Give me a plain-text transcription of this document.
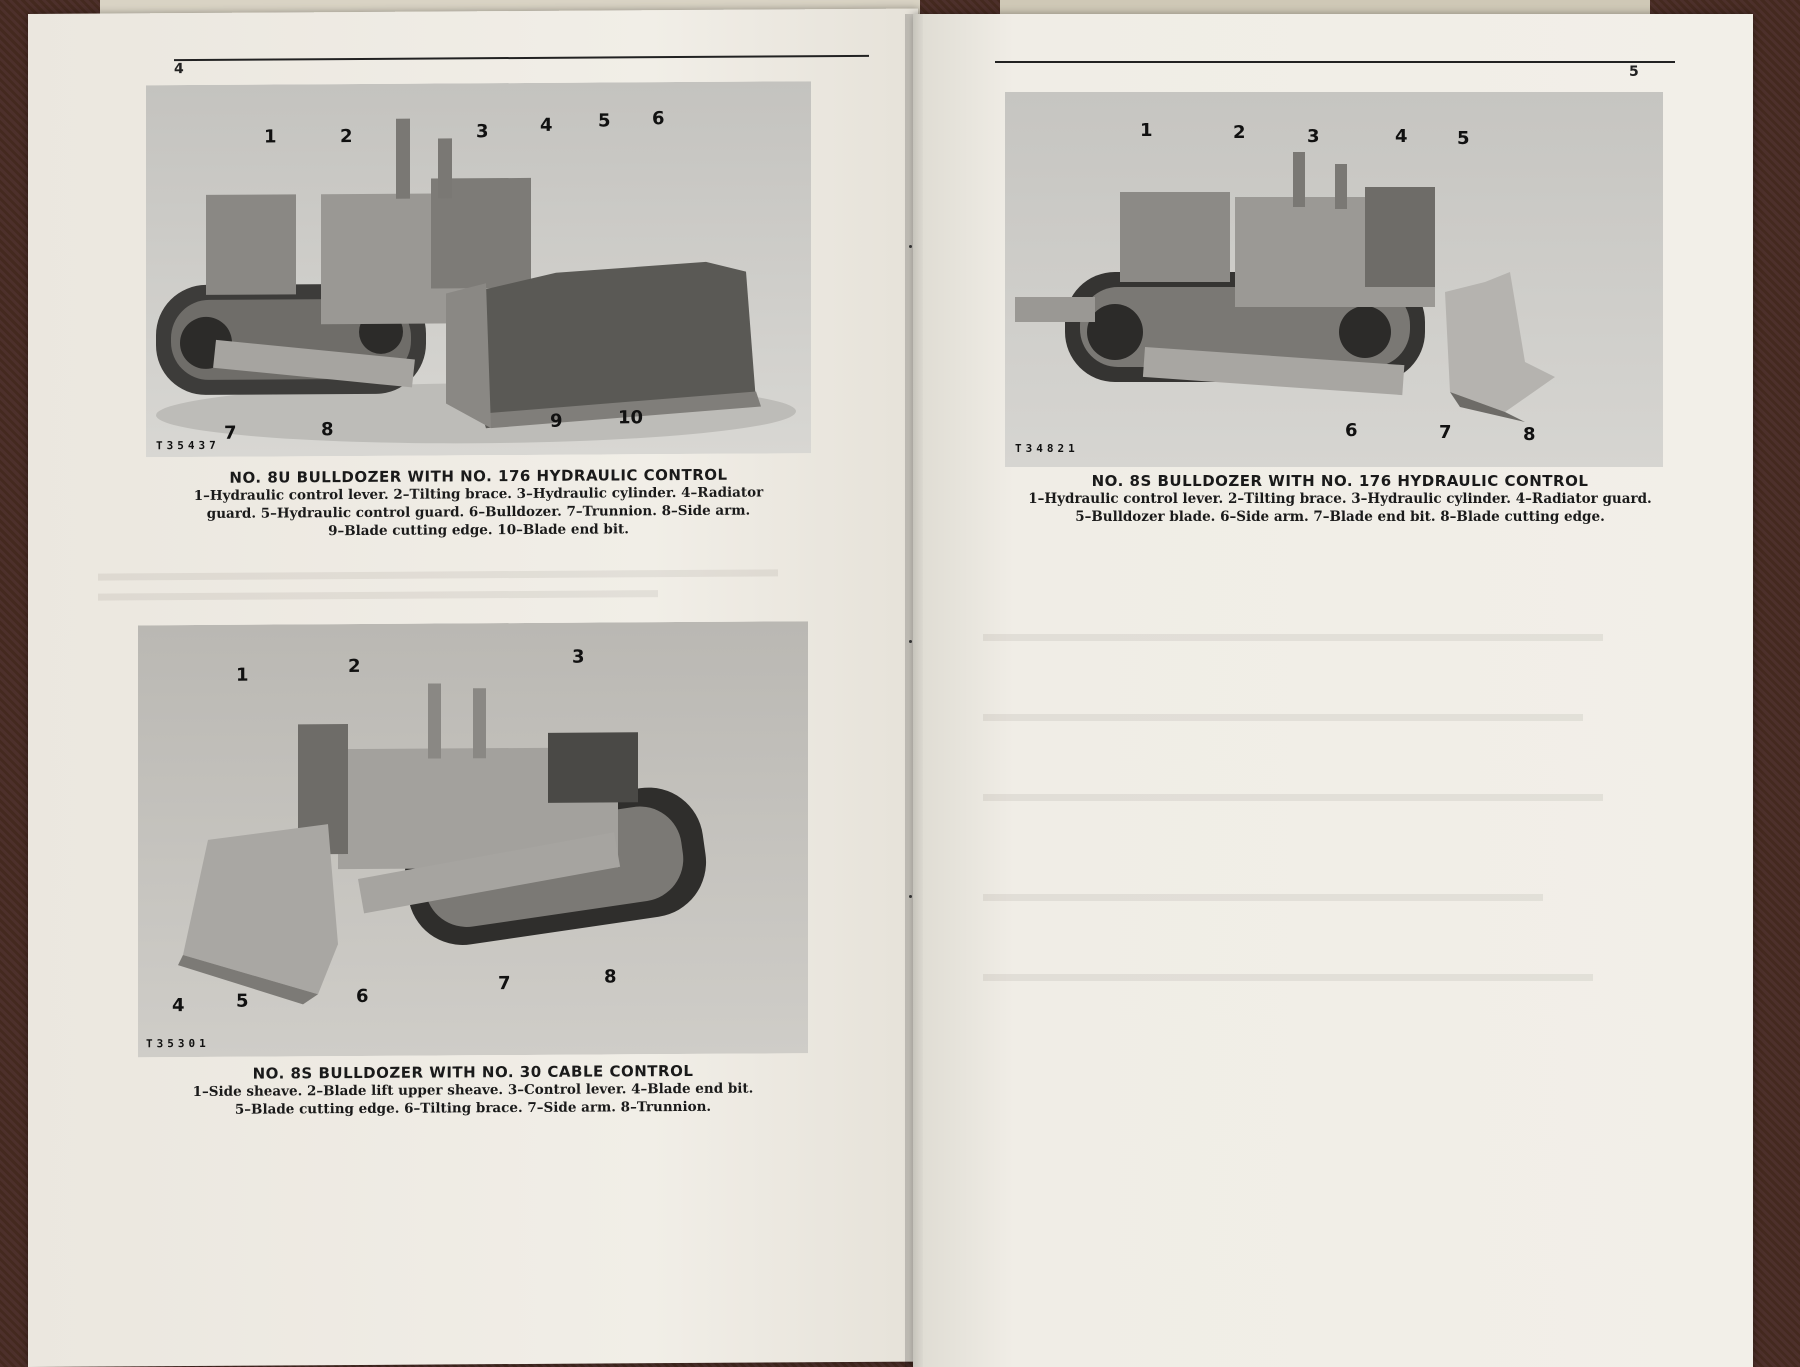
4
T35437
1	2	3	4	5 6
7	8	9	10
NO. 8U BULLDOZER WITH NO. 176 HYDRAULIC CONTROL
1–Hydraulic control lever. 2–Tilting brace. 3–Hydraulic cylinder. 4–Radiator
guard. 5–Hydraulic control guard. 6–Bulldozer. 7–Trunnion. 8–Side arm.
9–Blade cutting edge. 10–Blade end bit.
T35301
1	2	3
4	5	6
7	8
NO. 8S BULLDOZER WITH NO. 30 CABLE CONTROL
1–Side sheave. 2–Blade lift upper sheave. 3–Control lever. 4–Blade end bit.
5–Blade cutting edge. 6–Tilting brace. 7–Side arm. 8–Trunnion.
5
T34821
1	2	3	4	5
6	7	8
NO. 8S BULLDOZER WITH NO. 176 HYDRAULIC CONTROL
1–Hydraulic control lever. 2–Tilting brace. 3–Hydraulic cylinder. 4–Radiator guard.
5–Bulldozer blade. 6–Side arm. 7–Blade end bit. 8–Blade cutting edge.
